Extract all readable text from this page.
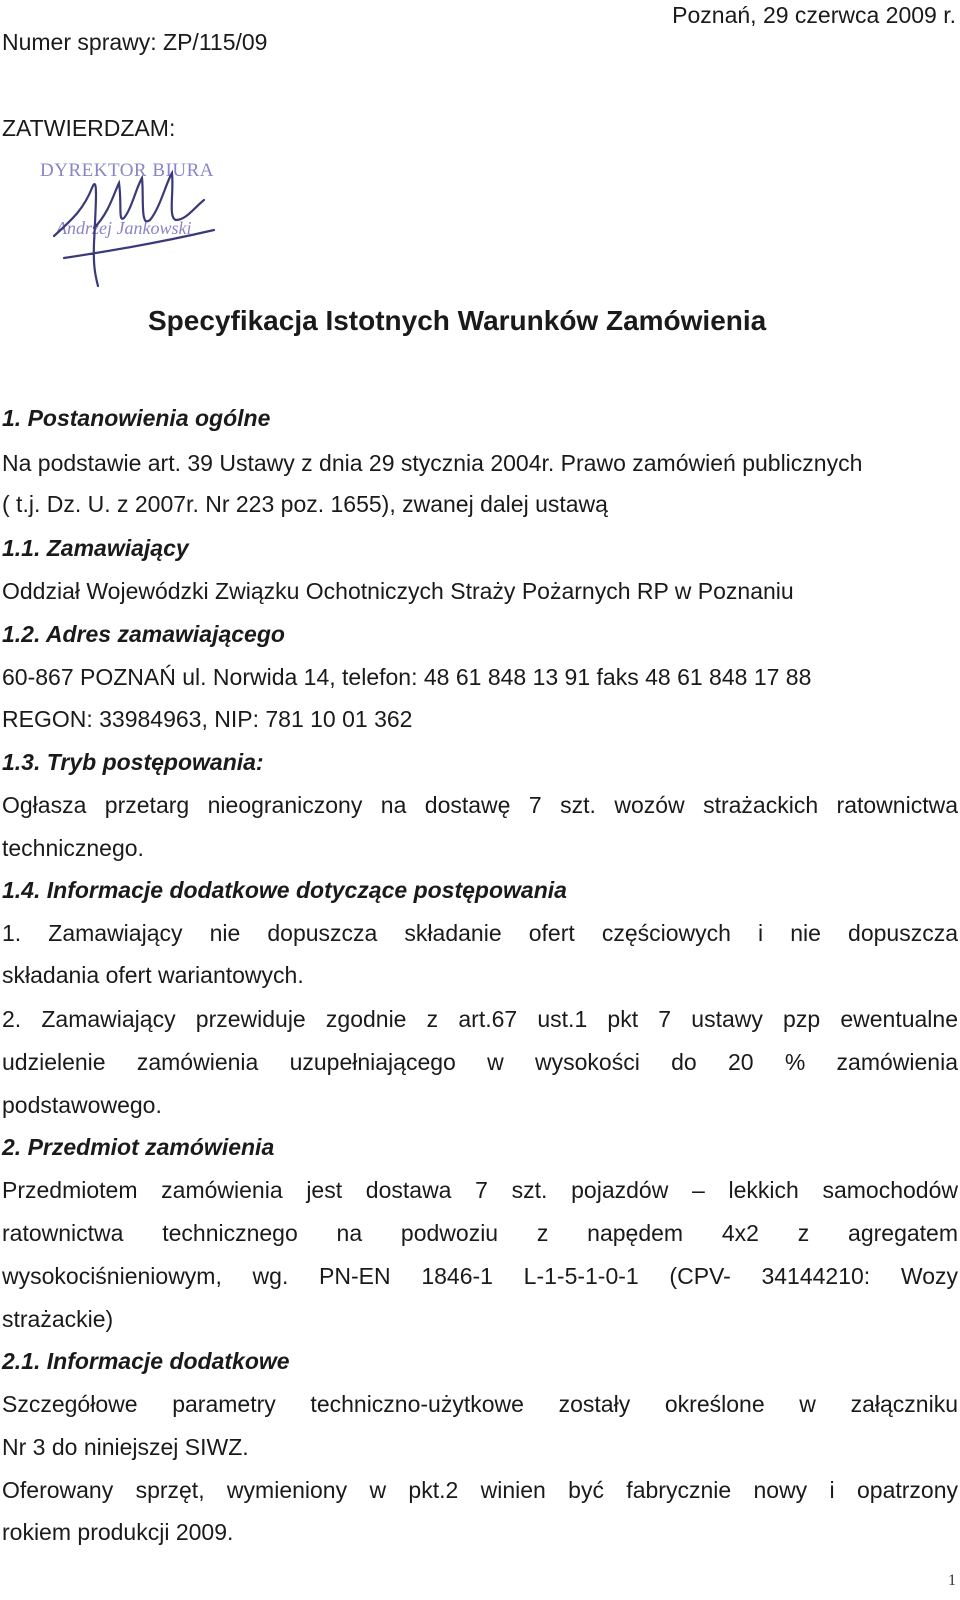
Numer sprawy: ZP/115/09
Poznań, 29 czerwca 2009 r.
ZATWIERDZAM:
DYREKTOR BIURA
Andrzej Jankowski
Specyfikacja Istotnych Warunków Zamówienia
1. Postanowienia ogólne
Na podstawie art. 39 Ustawy z dnia 29 stycznia 2004r. Prawo zamówień publicznych
( t.j. Dz. U. z 2007r. Nr 223 poz. 1655), zwanej dalej ustawą
1.1. Zamawiający
Oddział Wojewódzki Związku Ochotniczych Straży Pożarnych RP w Poznaniu
1.2. Adres zamawiającego
60-867 POZNAŃ ul. Norwida 14, telefon: 48 61 848 13 91 faks 48 61 848 17 88
REGON: 33984963, NIP: 781 10 01 362
1.3. Tryb postępowania:
Ogłasza przetarg nieograniczony na dostawę 7 szt. wozów strażackich ratownictwa
technicznego.
1.4. Informacje dodatkowe dotyczące postępowania
1. Zamawiający nie dopuszcza składanie ofert częściowych i nie dopuszcza
składania ofert wariantowych.
2. Zamawiający przewiduje zgodnie z art.67 ust.1 pkt 7 ustawy pzp ewentualne
udzielenie zamówienia uzupełniającego w wysokości do 20 % zamówienia
podstawowego.
2. Przedmiot zamówienia
Przedmiotem zamówienia jest dostawa 7 szt. pojazdów – lekkich samochodów
ratownictwa technicznego na podwoziu z napędem 4x2 z agregatem
wysokociśnieniowym, wg. PN-EN 1846-1 L-1-5-1-0-1 (CPV- 34144210: Wozy
strażackie)
2.1. Informacje dodatkowe
Szczegółowe parametry techniczno-użytkowe zostały określone w załączniku
Nr 3 do niniejszej SIWZ.
Oferowany sprzęt, wymieniony w pkt.2 winien być fabrycznie nowy i opatrzony
rokiem produkcji 2009.
1
